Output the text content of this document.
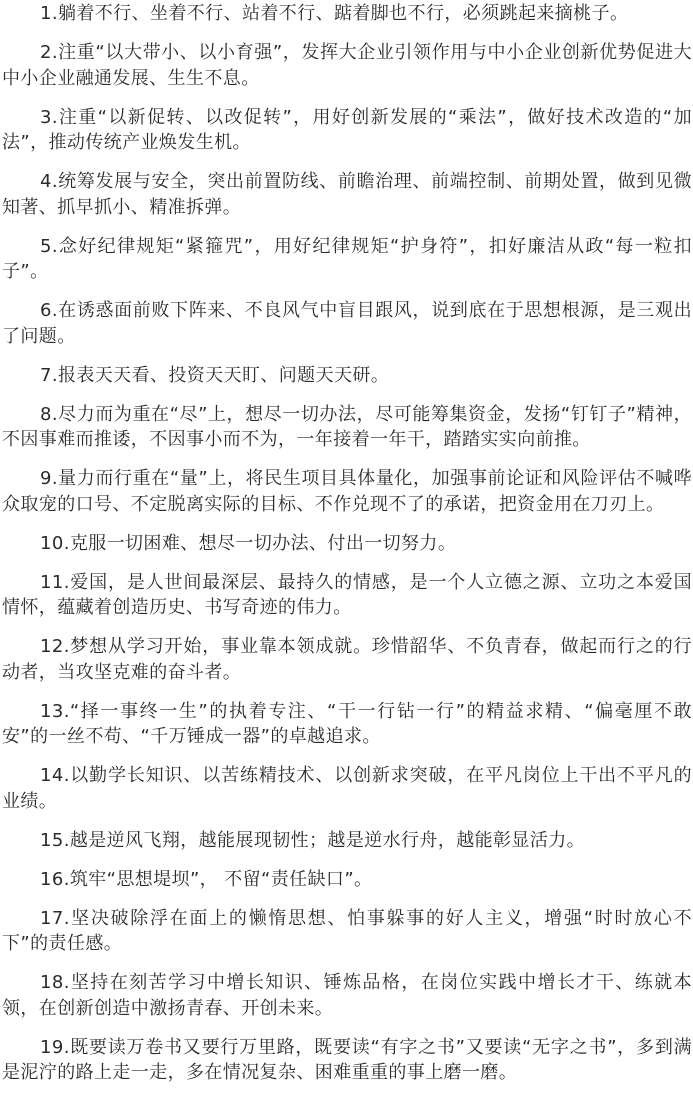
1.躺着不行、坐着不行、站着不行、踮着脚也不行，必须跳起来摘桃子。

2.注重“以大带小、以小育强”，发挥大企业引领作用与中小企业创新优势促进大中小企业融通发展、生生不息。

3.注重“以新促转、以改促转”，用好创新发展的“乘法”，做好技术改造的“加法”，推动传统产业焕发生机。

4.统筹发展与安全，突出前置防线、前瞻治理、前端控制、前期处置，做到见微知著、抓早抓小、精准拆弹。

5.念好纪律规矩“紧箍咒”，用好纪律规矩“护身符”，扣好廉洁从政“每一粒扣子”。

6.在诱惑面前败下阵来、不良风气中盲目跟风，说到底在于思想根源，是三观出了问题。

7.报表天天看、投资天天盯、问题天天研。

8.尽力而为重在“尽”上，想尽一切办法，尽可能筹集资金，发扬“钉钉子”精神，不因事难而推诿，不因事小而不为，一年接着一年干，踏踏实实向前推。

9.量力而行重在“量”上，将民生项目具体量化，加强事前论证和风险评估不喊哗众取宠的口号、不定脱离实际的目标、不作兑现不了的承诺，把资金用在刀刃上。

10.克服一切困难、想尽一切办法、付出一切努力。

11.爱国，是人世间最深层、最持久的情感，是一个人立德之源、立功之本爱国情怀，蕴藏着创造历史、书写奇迹的伟力。

12.梦想从学习开始，事业靠本领成就。珍惜韶华、不负青春，做起而行之的行动者，当攻坚克难的奋斗者。

13.“择一事终一生”的执着专注、“干一行钻一行”的精益求精、“偏毫厘不敢安”的一丝不苟、“千万锤成一器”的卓越追求。

14.以勤学长知识、以苦练精技术、以创新求突破，在平凡岗位上干出不平凡的业绩。

15.越是逆风飞翔，越能展现韧性；越是逆水行舟，越能彰显活力。

16.筑牢“思想堤坝”， 不留“责任缺口”。

17.坚决破除浮在面上的懒惰思想、怕事躲事的好人主义，增强“时时放心不下”的责任感。

18.坚持在刻苦学习中增长知识、锤炼品格，在岗位实践中增长才干、练就本领，在创新创造中激扬青春、开创未来。

19.既要读万卷书又要行万里路，既要读“有字之书”又要读“无字之书”，多到满是泥泞的路上走一走，多在情况复杂、困难重重的事上磨一磨。
